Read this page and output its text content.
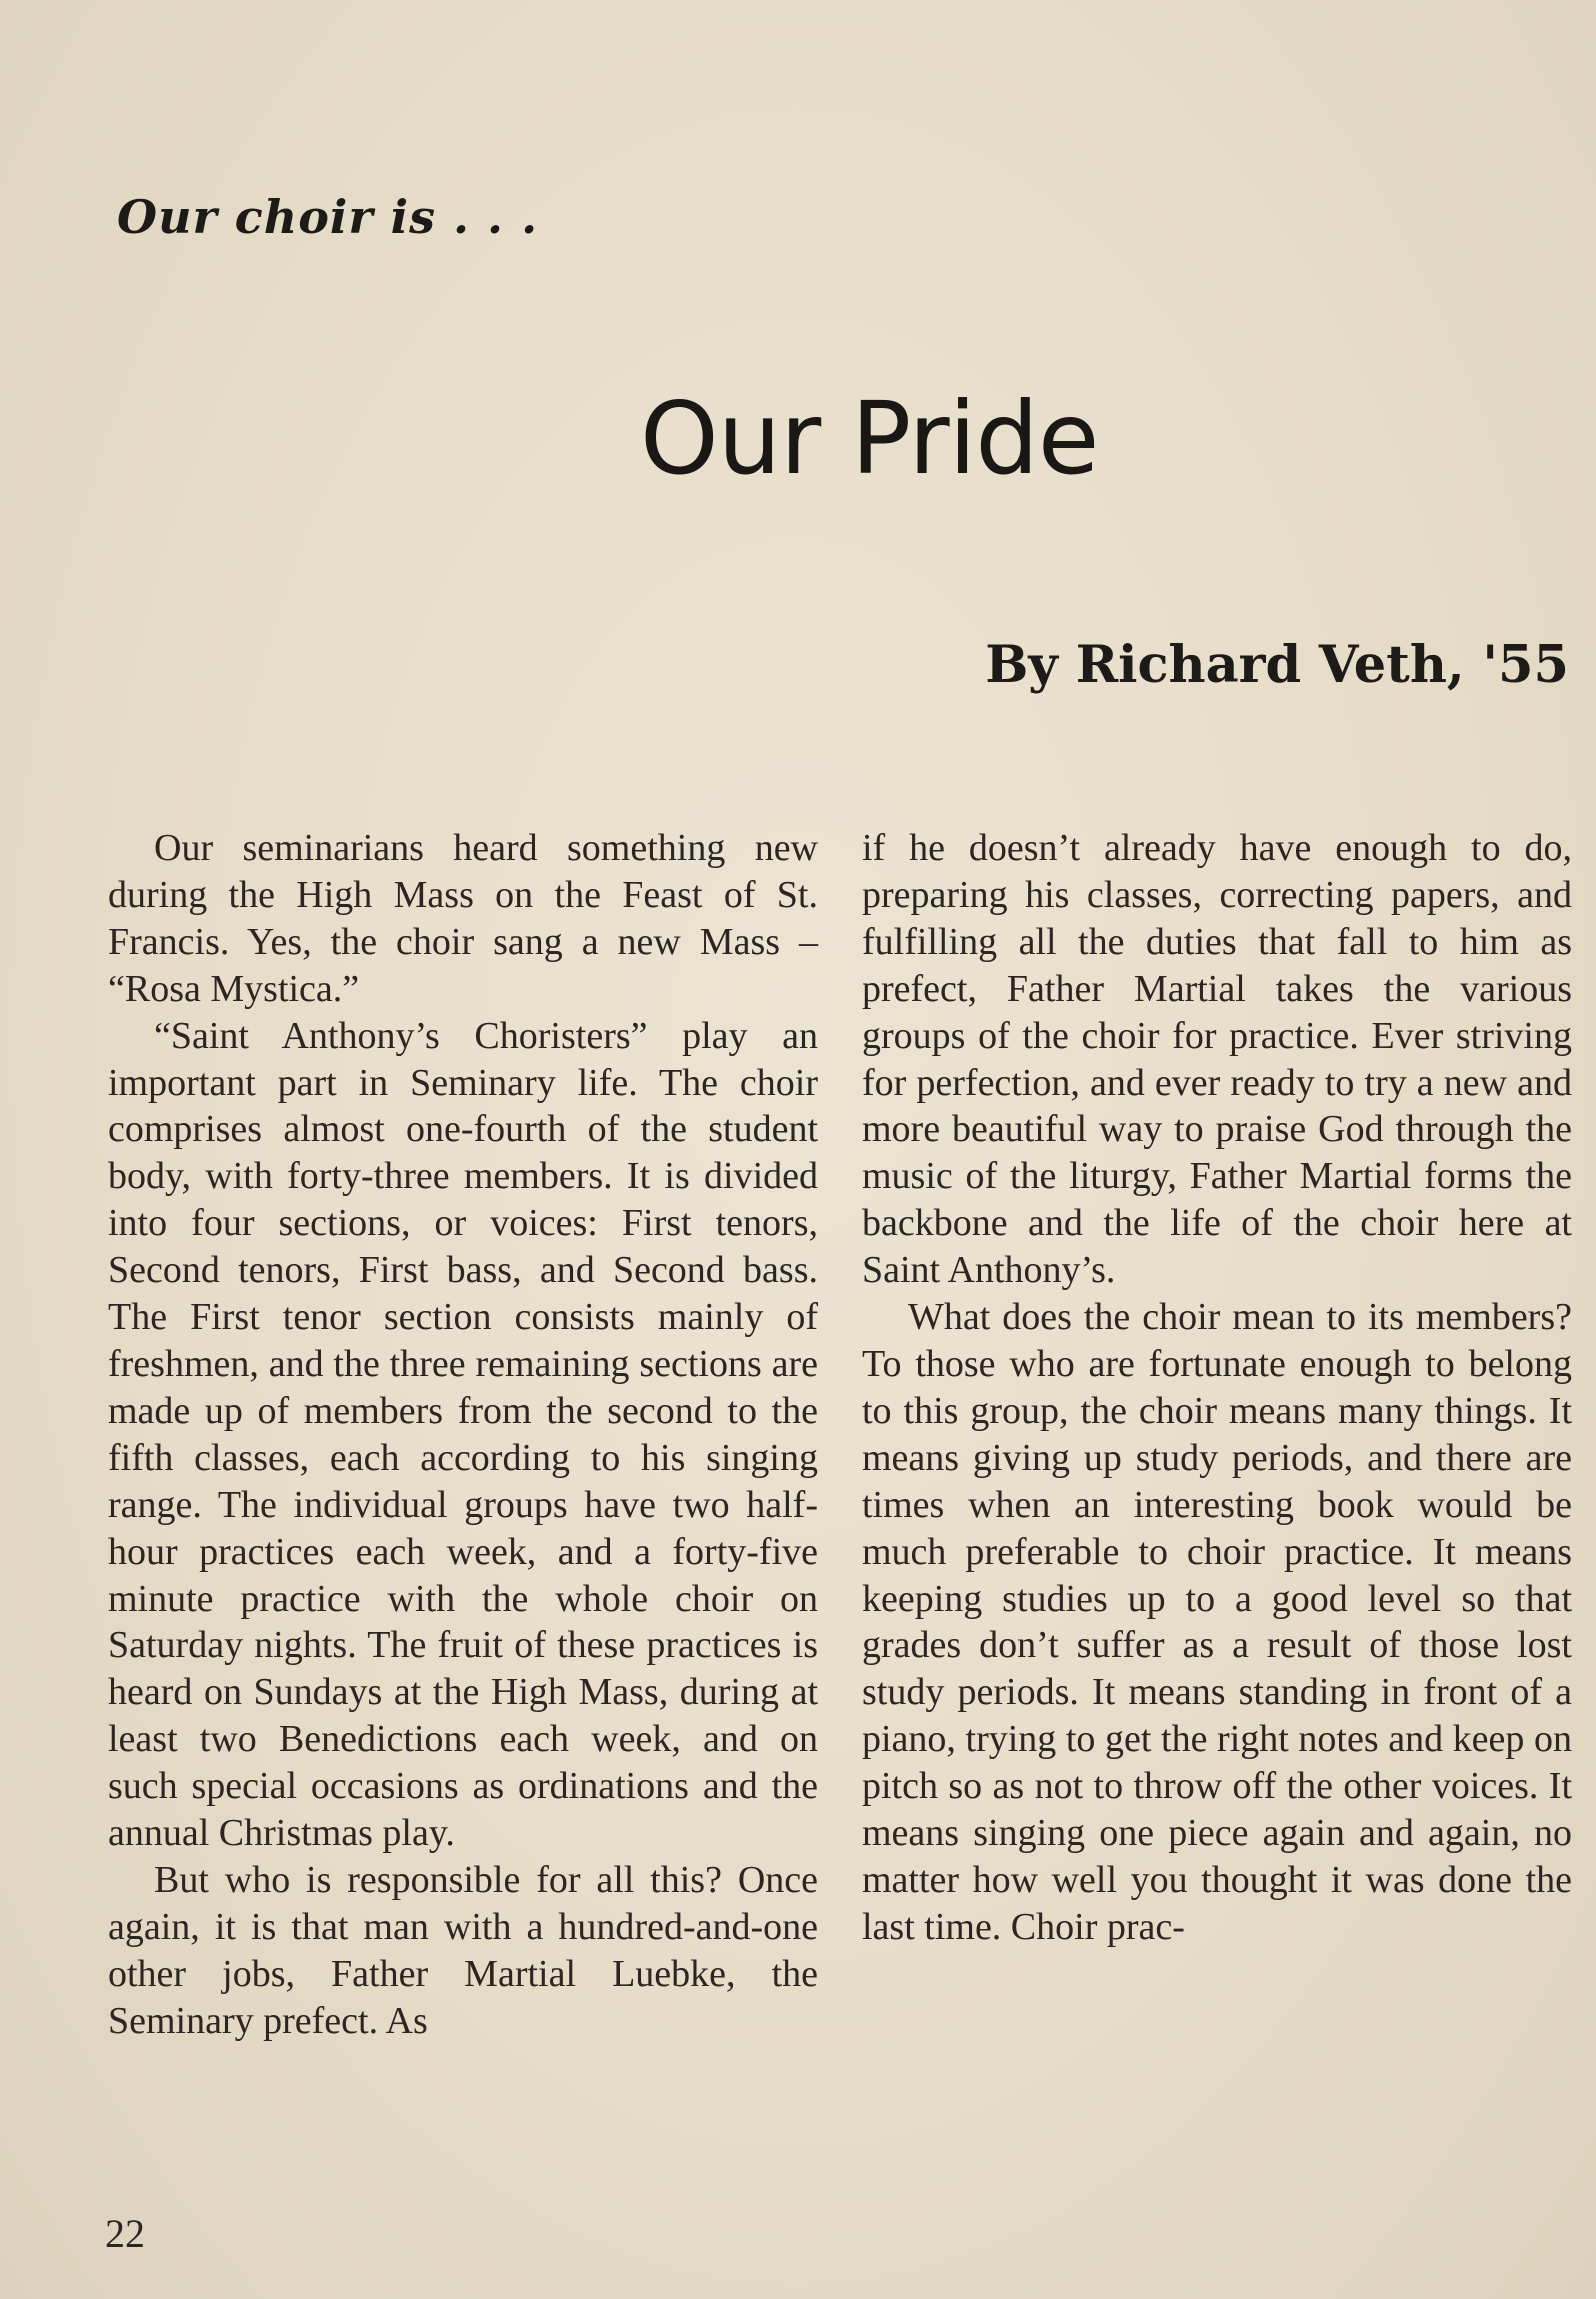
Our choir is . . .
Our Pride
By Richard Veth, '55

Our seminarians heard something new during the High Mass on the Feast of St. Francis. Yes, the choir sang a new Mass – “Rosa Mystica.”

“Saint Anthony’s Choristers” play an important part in Seminary life. The choir comprises almost one-fourth of the student body, with forty-three members. It is divided into four sections, or voices: First tenors, Second tenors, First bass, and Second bass. The First tenor section consists mainly of freshmen, and the three remaining sections are made up of members from the second to the fifth classes, each according to his singing range. The individual groups have two half-hour practices each week, and a forty-five minute practice with the whole choir on Saturday nights. The fruit of these practices is heard on Sundays at the High Mass, during at least two Benedictions each week, and on such special occasions as ordinations and the annual Christmas play.

But who is responsible for all this? Once again, it is that man with a hundred-and-one other jobs, Father Martial Luebke, the Seminary prefect. As

if he doesn’t already have enough to do, preparing his classes, correcting papers, and fulfilling all the duties that fall to him as prefect, Father Martial takes the various groups of the choir for practice. Ever striving for perfection, and ever ready to try a new and more beautiful way to praise God through the music of the liturgy, Father Martial forms the backbone and the life of the choir here at Saint Anthony’s.

What does the choir mean to its members? To those who are fortunate enough to belong to this group, the choir means many things. It means giving up study periods, and there are times when an interesting book would be much preferable to choir practice. It means keeping studies up to a good level so that grades don’t suffer as a result of those lost study periods. It means standing in front of a piano, trying to get the right notes and keep on pitch so as not to throw off the other voices. It means singing one piece again and again, no matter how well you thought it was done the last time. Choir prac-

22
